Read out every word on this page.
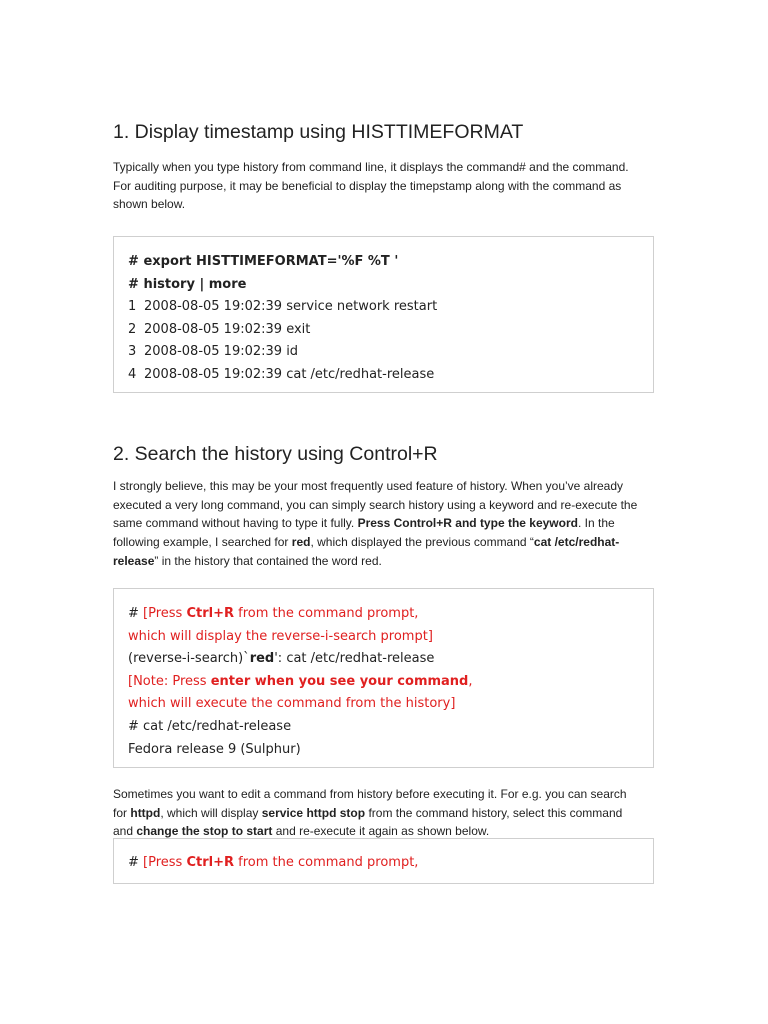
1. Display timestamp using HISTTIMEFORMAT

Typically when you type history from command line, it displays the command# and the command. For auditing purpose, it may be beneficial to display the timepstamp along with the command as shown below.

# export HISTTIMEFORMAT='%F %T '
# history | more
1 2008-08-05 19:02:39 service network restart
2 2008-08-05 19:02:39 exit
3 2008-08-05 19:02:39 id
4 2008-08-05 19:02:39 cat /etc/redhat-release
2. Search the history using Control+R

I strongly believe, this may be your most frequently used feature of history. When you’ve already executed a very long command, you can simply search history using a keyword and re-execute the same command without having to type it fully. Press Control+R and type the keyword. In the following example, I searched for red, which displayed the previous command “cat /etc/redhat-release” in the history that contained the word red.

# [Press Ctrl+R from the command prompt,
which will display the reverse-i-search prompt]
(reverse-i-search)`red': cat /etc/redhat-release
[Note: Press enter when you see your command,
which will execute the command from the history]
# cat /etc/redhat-release
Fedora release 9 (Sulphur)

Sometimes you want to edit a command from history before executing it. For e.g. you can search for httpd, which will display service httpd stop from the command history, select this command and change the stop to start and re-execute it again as shown below.

# [Press Ctrl+R from the command prompt,
